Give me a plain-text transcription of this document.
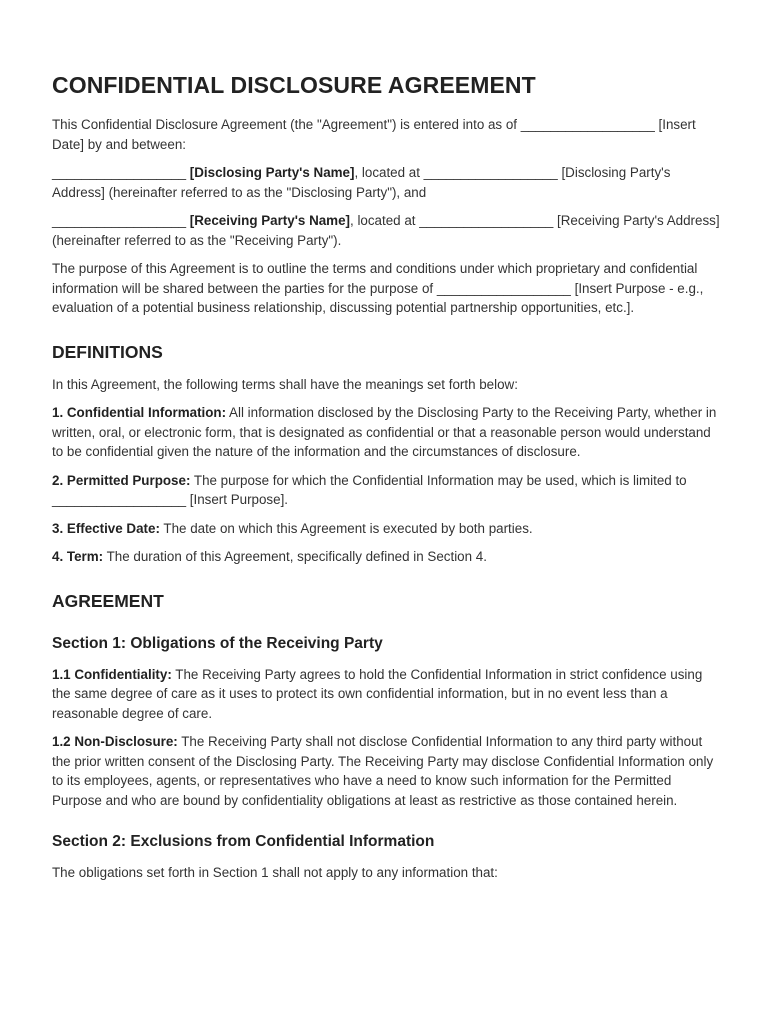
CONFIDENTIAL DISCLOSURE AGREEMENT

This Confidential Disclosure Agreement (the "Agreement") is entered into as of __________________ [Insert Date] by and between:

__________________ [Disclosing Party's Name], located at __________________ [Disclosing Party's Address] (hereinafter referred to as the "Disclosing Party"), and

__________________ [Receiving Party's Name], located at __________________ [Receiving Party's Address] (hereinafter referred to as the "Receiving Party").

The purpose of this Agreement is to outline the terms and conditions under which proprietary and confidential information will be shared between the parties for the purpose of __________________ [Insert Purpose - e.g., evaluation of a potential business relationship, discussing potential partnership opportunities, etc.].

DEFINITIONS

In this Agreement, the following terms shall have the meanings set forth below:

1. Confidential Information: All information disclosed by the Disclosing Party to the Receiving Party, whether in written, oral, or electronic form, that is designated as confidential or that a reasonable person would understand to be confidential given the nature of the information and the circumstances of disclosure.

2. Permitted Purpose: The purpose for which the Confidential Information may be used, which is limited to __________________ [Insert Purpose].

3. Effective Date: The date on which this Agreement is executed by both parties.

4. Term: The duration of this Agreement, specifically defined in Section 4.

AGREEMENT
Section 1: Obligations of the Receiving Party

1.1 Confidentiality: The Receiving Party agrees to hold the Confidential Information in strict confidence using the same degree of care as it uses to protect its own confidential information, but in no event less than a reasonable degree of care.

1.2 Non-Disclosure: The Receiving Party shall not disclose Confidential Information to any third party without the prior written consent of the Disclosing Party. The Receiving Party may disclose Confidential Information only to its employees, agents, or representatives who have a need to know such information for the Permitted Purpose and who are bound by confidentiality obligations at least as restrictive as those contained herein.

Section 2: Exclusions from Confidential Information

The obligations set forth in Section 1 shall not apply to any information that:
